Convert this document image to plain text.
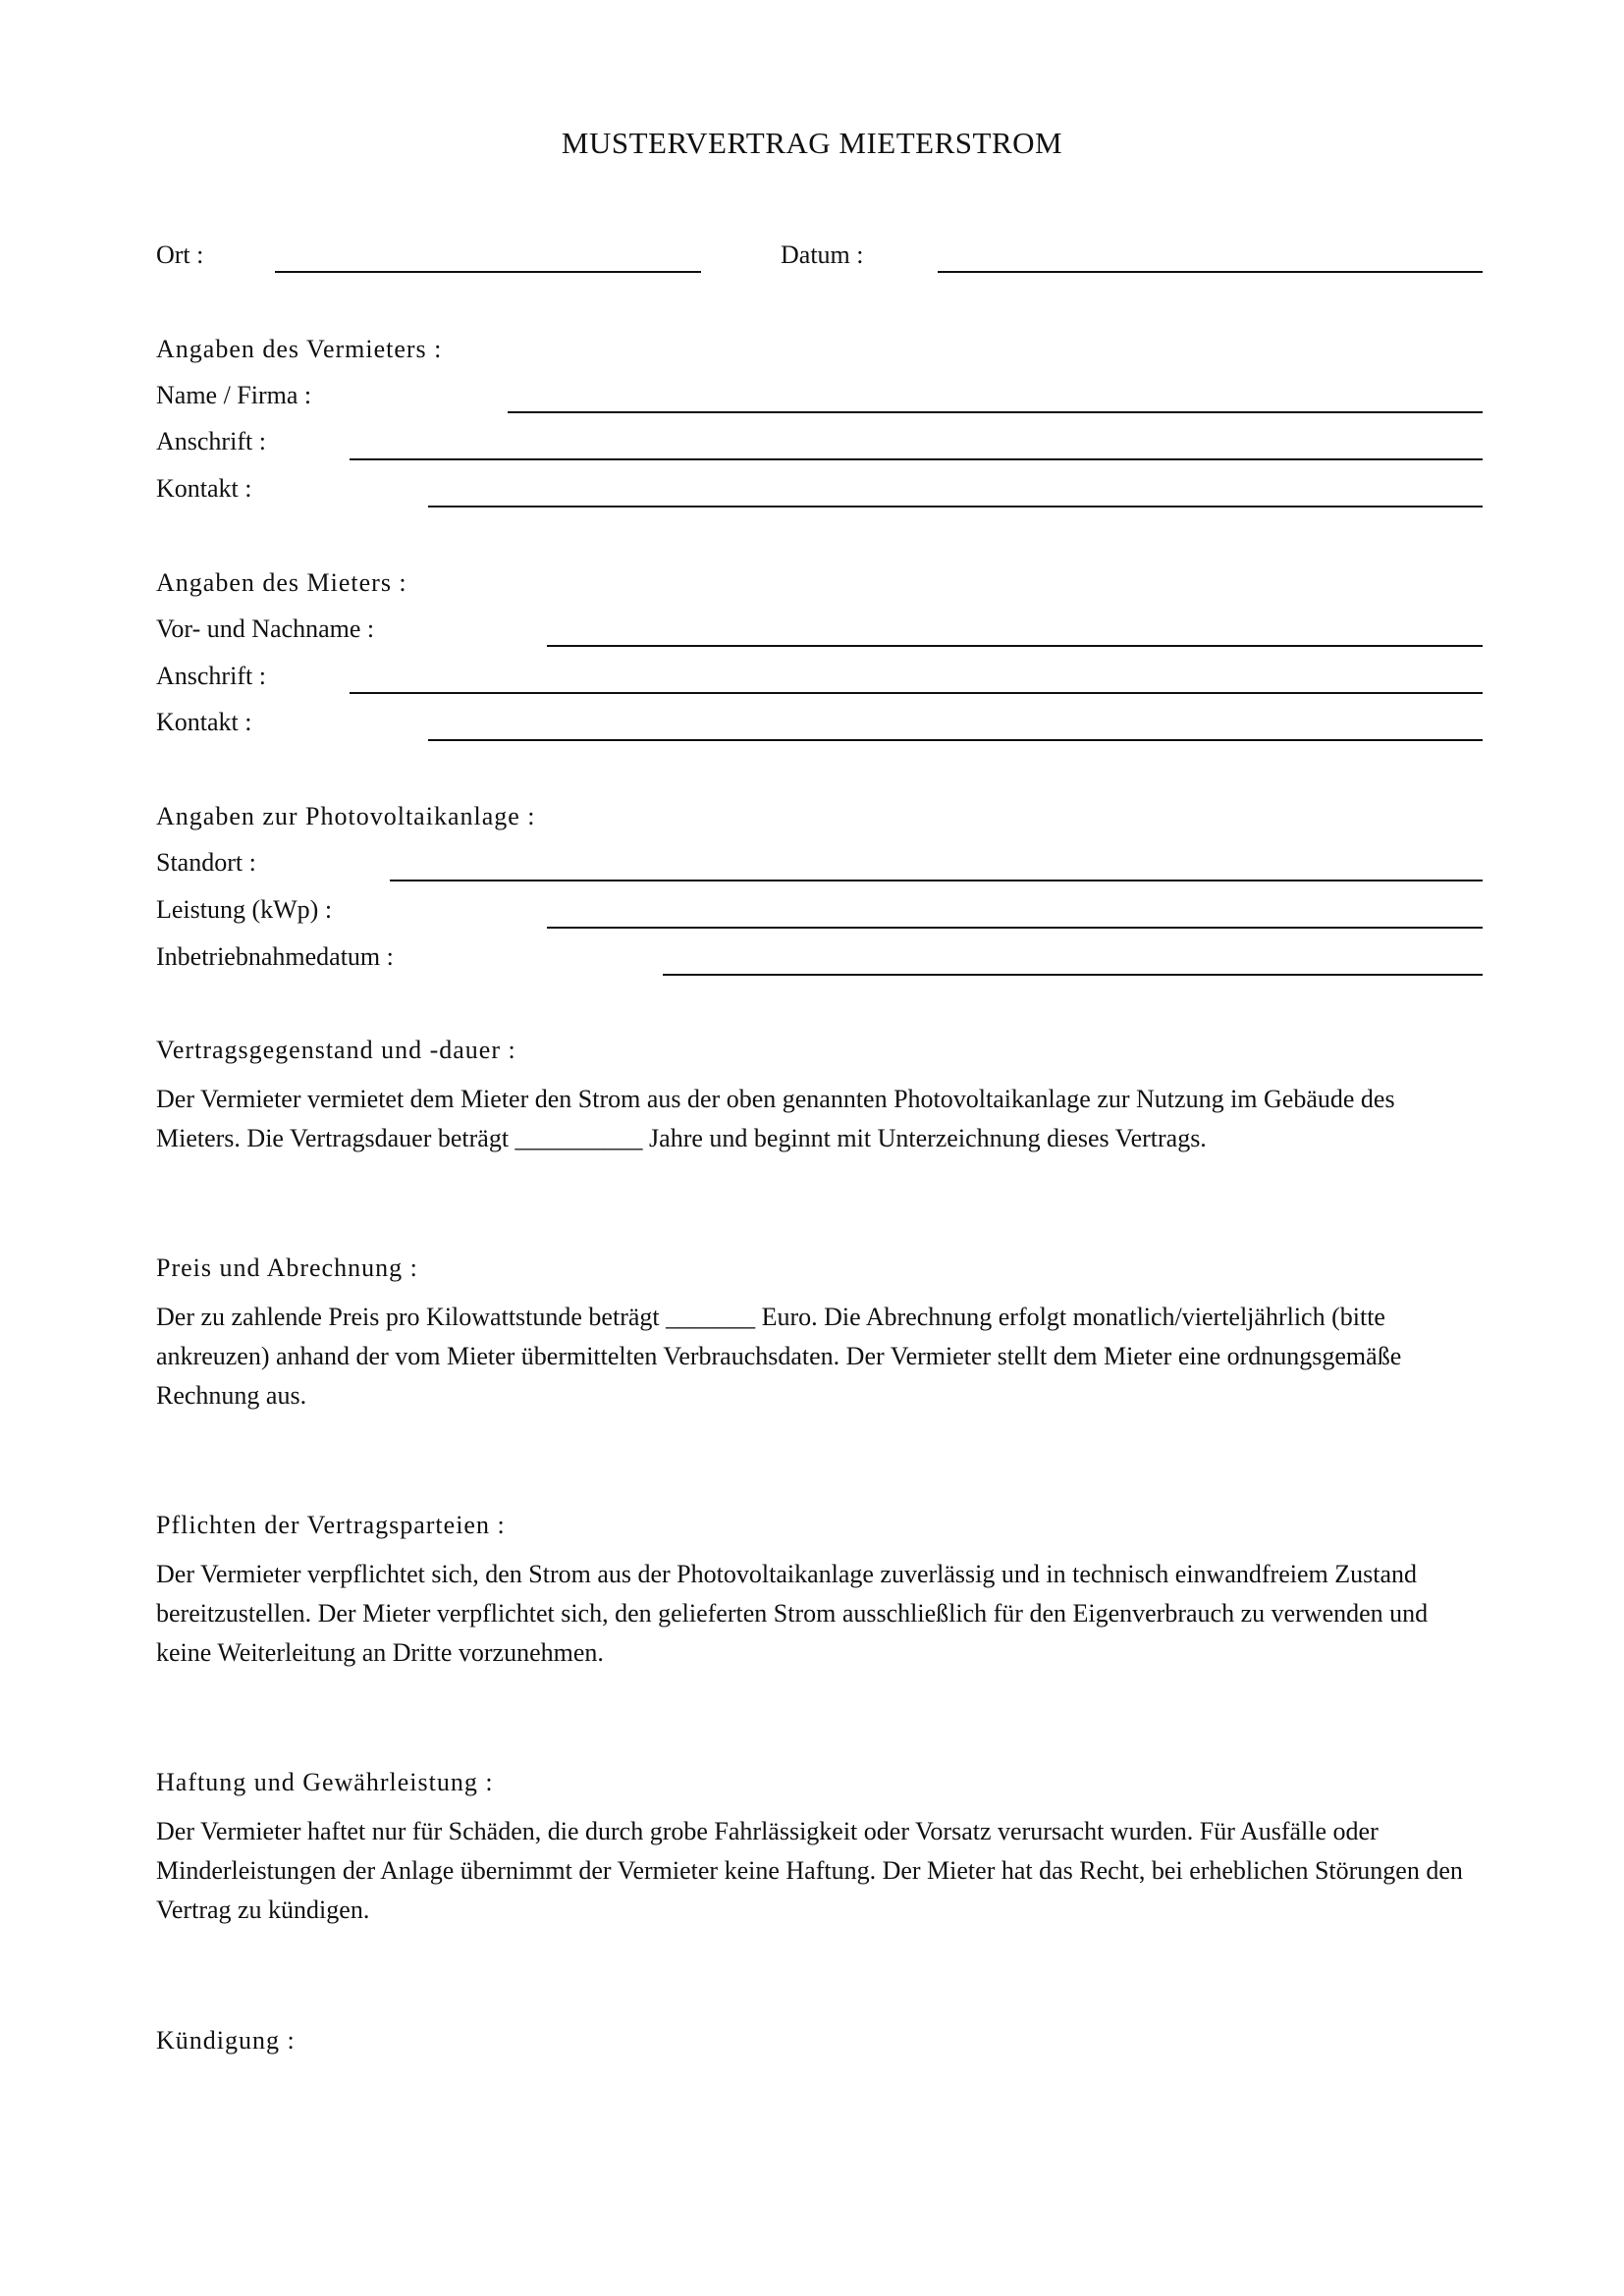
MUSTERVERTRAG MIETERSTROM
Ort :	Datum :
Angaben des Vermieters :
Name / Firma :
Anschrift :
Kontakt :
Angaben des Mieters :
Vor- und Nachname :
Anschrift :
Kontakt :
Angaben zur Photovoltaikanlage :
Standort :
Leistung (kWp) :
Inbetriebnahmedatum :
Vertragsgegenstand und -dauer :
Der Vermieter vermietet dem Mieter den Strom aus der oben genannten Photovoltaikanlage zur Nutzung im Gebäude des Mieters. Die Vertragsdauer beträgt __________ Jahre und beginnt mit Unterzeichnung dieses Vertrags.
Preis und Abrechnung :
Der zu zahlende Preis pro Kilowattstunde beträgt _______ Euro. Die Abrechnung erfolgt monatlich/vierteljährlich (bitte ankreuzen) anhand der vom Mieter übermittelten Verbrauchsdaten. Der Vermieter stellt dem Mieter eine ordnungsgemäße Rechnung aus.
Pflichten der Vertragsparteien :
Der Vermieter verpflichtet sich, den Strom aus der Photovoltaikanlage zuverlässig und in technisch einwandfreiem Zustand bereitzustellen. Der Mieter verpflichtet sich, den gelieferten Strom ausschließlich für den Eigenverbrauch zu verwenden und keine Weiterleitung an Dritte vorzunehmen.
Haftung und Gewährleistung :
Der Vermieter haftet nur für Schäden, die durch grobe Fahrlässigkeit oder Vorsatz verursacht wurden. Für Ausfälle oder Minderleistungen der Anlage übernimmt der Vermieter keine Haftung. Der Mieter hat das Recht, bei erheblichen Störungen den Vertrag zu kündigen.
Kündigung :
